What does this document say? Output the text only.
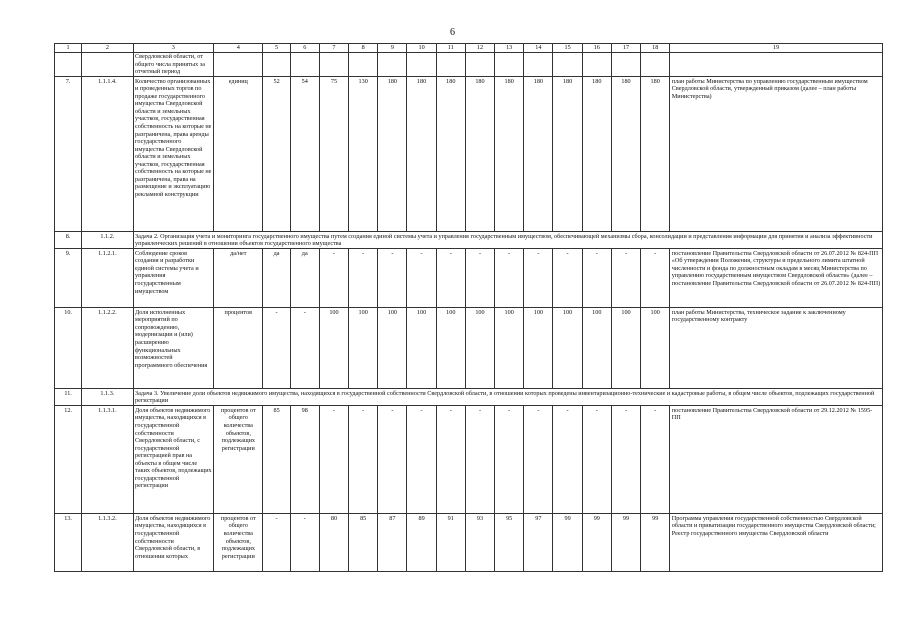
6
1	2	3	4	5	6	7	8	9	10	11	12	13	14	15	16	17	18	19
		Свердловской области, от общего числа принятых за отчетный период																
7.	1.1.1.4.	Количество организованных и проведенных торгов по продаже государственного имущества Свердловской области и земельных участков, государственная собственность на которые не разграничена, права аренды государственного имущества Свердловской области и земельных участков, государственная собственность на которые не разграничена, права на размещение и эксплуатацию рекламной конструкции	единиц	52	54	75	130	180	180	180	180	180	180	180	180	180	180	план работы Министерства по управлению государственным имуществом Свердловской области, утвержденный приказом (далее – план работы Министерства)
8.	1.1.2.	Задача 2. Организация учета и мониторинга государственного имущества путем создания единой системы учета и управления государственным имуществом, обеспечивающей механизмы сбора, консолидации и представления информации для принятия и анализа эффективности управленческих решений в отношении объектов государственного имущества																
9.	1.1.2.1.	Соблюдение сроков создания и разработки единой системы учета и управления государственным имуществом	да/нет	да	да	-	-	-	-	-	-	-	-	-	-	-	-	постановление Правительства Свердловской области от 26.07.2012 № 824-ПП «Об утверждении Положения, структуры и предельного лимита штатной численности и фонда по должностным окладам в месяц Министерства по управлению государственным имуществом Свердловской области» (далее – постановление Правительства Свердловской области от 26.07.2012 № 824-ПП)
10.	1.1.2.2.	Доля исполненных мероприятий по сопровождению, модернизации и (или) расширению функциональных возможностей программного обеспечения	процентов	-	-	100	100	100	100	100	100	100	100	100	100	100	100	план работы Министерства, техническое задание к заключенному государственному контракту
11.	1.1.3.	Задача 3. Увеличение доли объектов недвижимого имущества, находящихся в государственной собственности Свердловской области, в отношении которых проведены инвентаризационно-технические и кадастровые работы, в общем числе объектов, подлежащих государственной регистрации																
12.	1.1.3.1.	Доля объектов недвижимого имущества, находящихся в государственной собственности Свердловской области, с государственной регистрацией прав на объекты в общем числе таких объектов, подлежащих государственной регистрации	процентов от общего количества объектов, подлежащих регистрации	85	98	-	-	-	-	-	-	-	-	-	-	-	-	постановление Правительства Свердловской области от 29.12.2012 № 1595-ПП
13.	1.1.3.2.	Доля объектов недвижимого имущества, находящихся в государственной собственности Свердловской области, в отношении которых	процентов от общего количества объектов, подлежащих регистрации	-	-	80	85	87	89	91	93	95	97	99	99	99	99	Программа управления государственной собственностью Свердловской области и приватизации государственного имущества Свердловской области; Реестр государственного имущества Свердловской области
